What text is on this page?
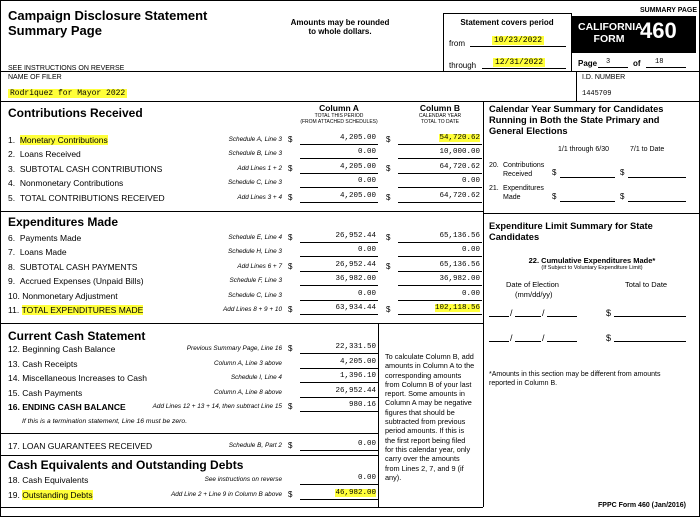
Campaign Disclosure Statement
Summary Page
Amounts may be rounded
to whole dollars.
SEE INSTRUCTIONS ON REVERSE
Statement covers period
from	10/23/2022
through 12/31/2022
SUMMARY PAGE
CALIFORNIA
FORM 460
Page 3	of 18
NAME OF FILER
Rodriquez for Mayor 2022
I.D. NUMBER
1445709
Contributions Received	Column A
TOTAL THIS PERIOD
(FROM ATTACHED SCHEDULES)
Column B
CALENDAR YEAR
TOTAL TO DATE
1. Monetary Contributions	Schedule A, Line 3 $	4,205.00 $	54,720.62
2. Loans Received	Schedule B, Line 3	0.00	10,000.00
3. SUBTOTAL CASH CONTRIBUTIONS	Add Lines 1 + 2 $	4,205.00 $	64,720.62
4. Nonmonetary Contributions	Schedule C, Line 3	0.00	0.00
5. TOTAL CONTRIBUTIONS RECEIVED	Add Lines 3 + 4 $	4,205.00 $	64,720.62
Expenditures Made
6. Payments Made	Schedule E, Line 4 $	26,952.44 $	65,136.56
7. Loans Made	Schedule H, Line 3	0.00	0.00
8. SUBTOTAL CASH PAYMENTS	Add Lines 6 + 7 $	26,952.44 $	65,136.56
9. Accrued Expenses (Unpaid Bills)	Schedule F, Line 3	36,982.00	36,982.00
10. Nonmonetary Adjustment	Schedule C, Line 3	0.00	0.00
11. TOTAL EXPENDITURES MADE	Add Lines 8 + 9 + 10 $	63,934.44 $	102,118.56
Current Cash Statement
12. Beginning Cash Balance	Previous Summary Page, Line 16 $	22,331.50
13. Cash Receipts	Column A, Line 3 above	4,205.00
14. Miscellaneous Increases to Cash	Schedule I, Line 4	1,396.10
15. Cash Payments	Column A, Line 8 above	26,952.44
16. ENDING CASH BALANCE	Add Lines 12 + 13 + 14, then subtract Line 15 $	980.16
If this is a termination statement, Line 16 must be zero.
17. LOAN GUARANTEES RECEIVED	Schedule B, Part 2 $	0.00
Cash Equivalents and Outstanding Debts
18. Cash Equivalents	See instructions on reverse	0.00
19. Outstanding Debts	Add Line 2 + Line 9 in Column B above $	46,982.00
To calculate Column B, add
amounts in Column A to the
corresponding amounts
from Column B of your last
report. Some amounts in
Column A may be negative
figures that should be
subtracted from previous
period amounts. If this is
the first report being filed
for this calendar year, only
carry over the amounts
from Lines 2, 7, and 9 (if
any).
Calendar Year Summary for Candidates
Running in Both the State Primary and
General Elections
1/1 through 6/30	7/1 to Date
20. Contributions
Received $	$
21. Expenditures
Made	$	$
Expenditure Limit Summary for State
Candidates
22. Cumulative Expenditures Made*
(If Subject to Voluntary Expenditure Limit)
Date of Election
(mm/dd/yy)
Total to Date
/	/	$
/	/	$
*Amounts in this section may be different from amounts
reported in Column B.
FPPC Form 460 (Jan/2016)
